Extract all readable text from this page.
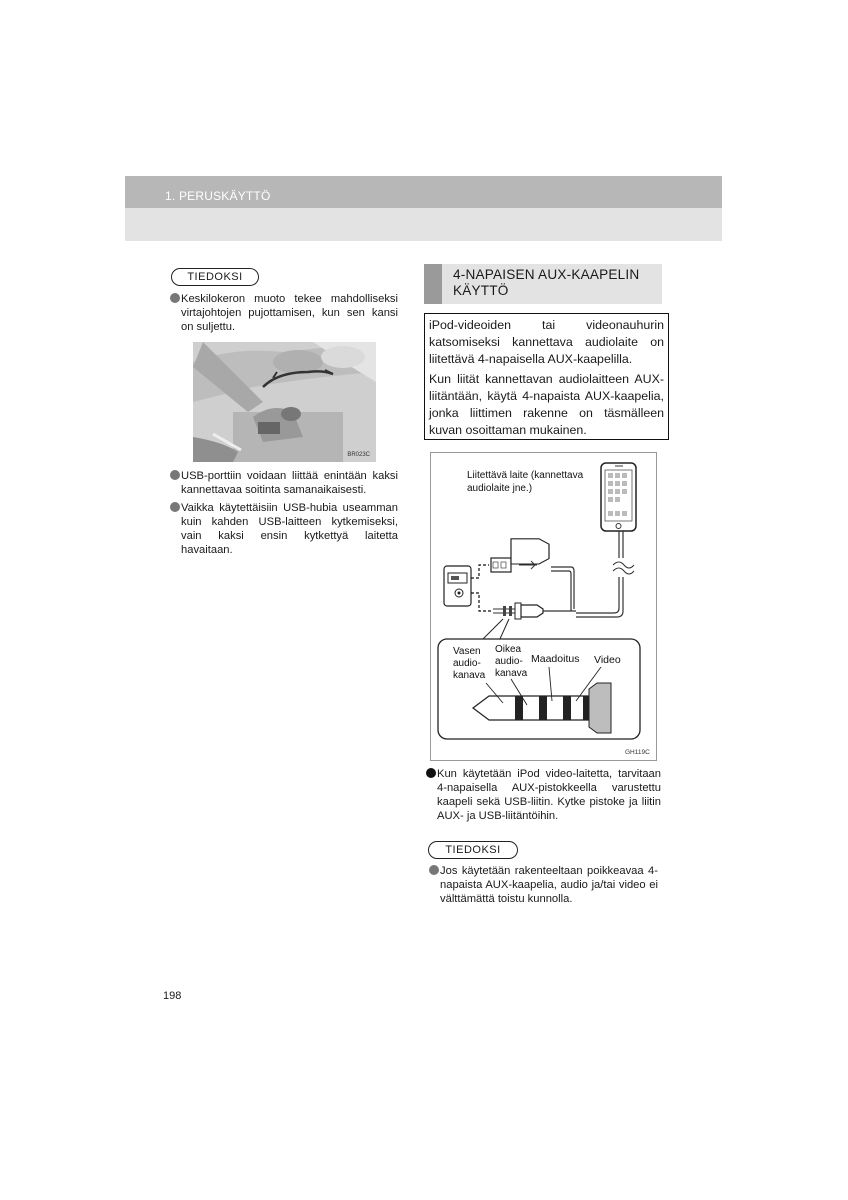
1. PERUSKÄYTTÖ
TIEDOKSI
Keskilokeron muoto tekee mahdolliseksi virtajohtojen pujottamisen, kun sen kansi on suljettu.
BR023C
USB-porttiin voidaan liittää enintään kaksi kannettavaa soitinta samanaikaisesti.
Vaikka käytettäisiin USB-hubia useamman kuin kahden USB-laitteen kytkemiseksi, vain kaksi ensin kytkettyä laitetta havaitaan.
4-NAPAISEN AUX-KAAPELIN KÄYTTÖ

iPod-videoiden tai videonauhurin katsomiseksi kannettava audiolaite on liitettävä 4-napaisella AUX-kaapelilla.

Kun liität kannettavan audiolaitteen AUX-liitäntään, käytä 4-napaista AUX-kaapelia, jonka liittimen rakenne on täsmälleen kuvan osoittaman mukainen.

Liitettävä laite (kannettava
audiolaite jne.)
Vasen
audio-
kanava
Oikea
audio-
kanava
Maadoitus Video
GH119C
Kun käytetään iPod video-laitetta, tarvitaan 4-napaisella AUX-pistokkeella varustettu kaapeli sekä USB-liitin. Kytke pistoke ja liitin AUX- ja USB-liitäntöihin.
TIEDOKSI
Jos käytetään rakenteeltaan poikkeavaa 4-napaista AUX-kaapelia, audio ja/tai video ei välttämättä toistu kunnolla.
198
